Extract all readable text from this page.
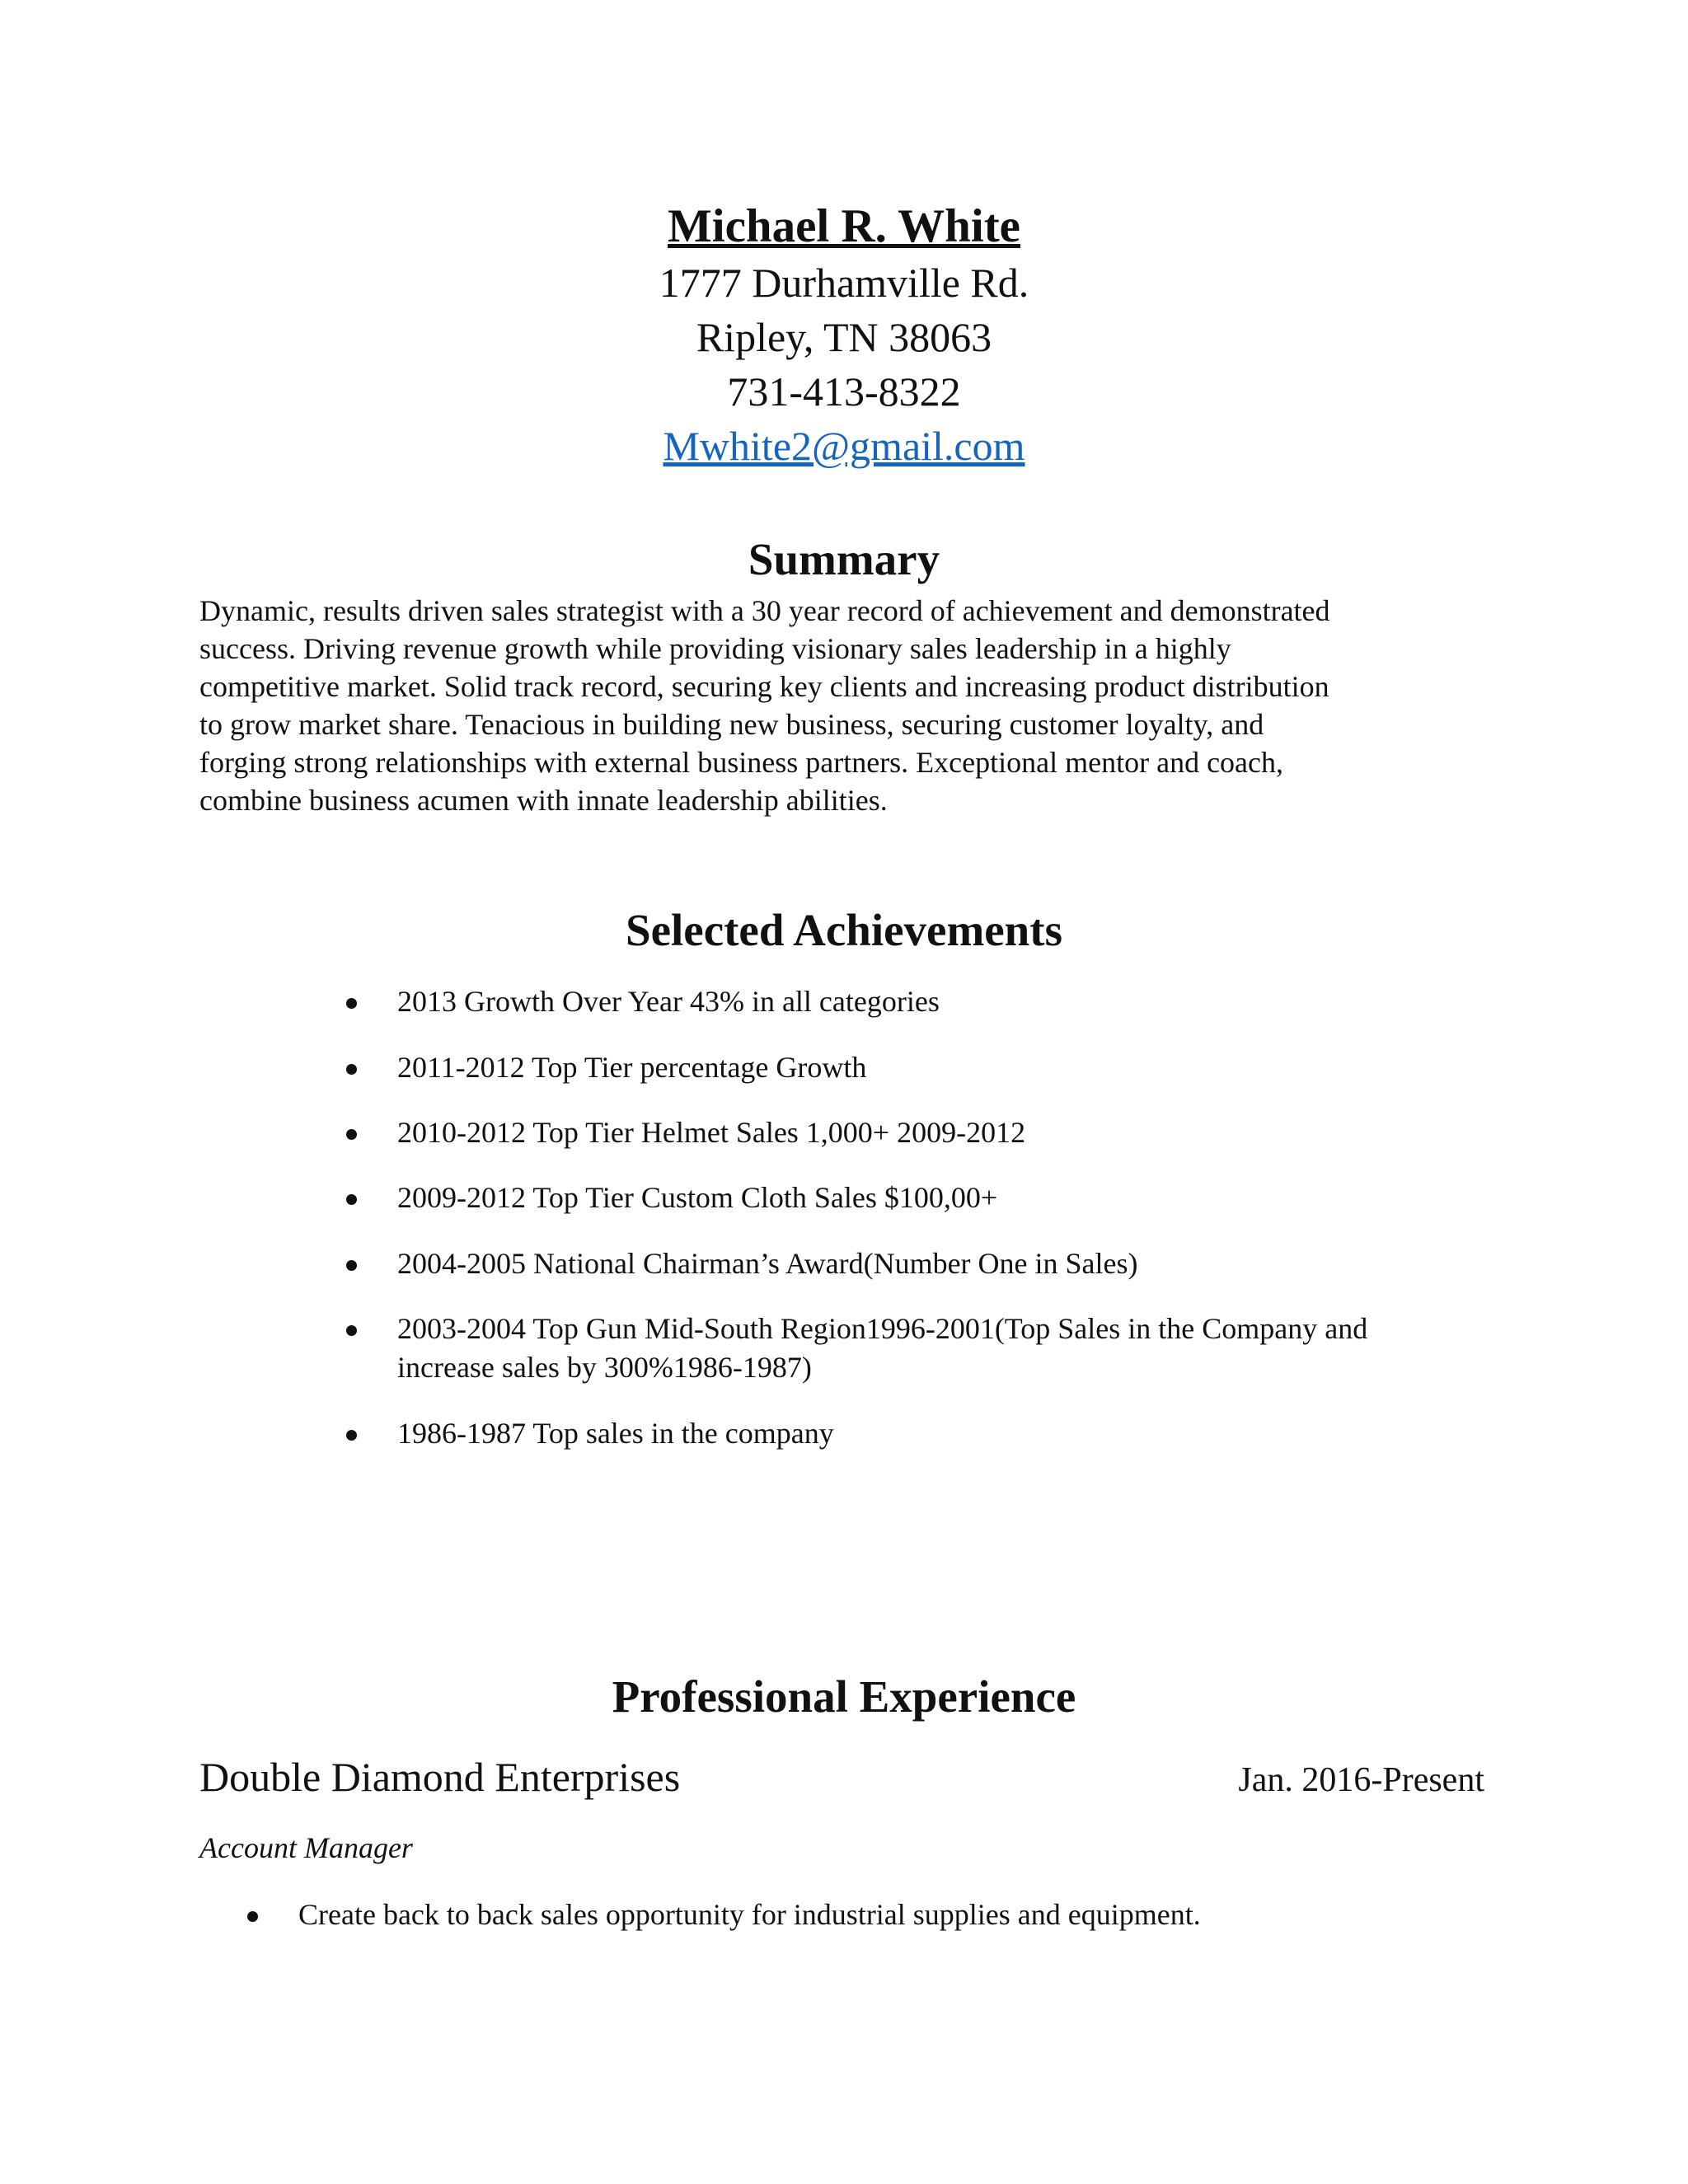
Michael R. White
1777 Durhamville Rd.
Ripley, TN 38063
731-413-8322
Mwhite2@gmail.com
Summary
Dynamic, results driven sales strategist with a 30 year record of achievement and demonstrated
success. Driving revenue growth while providing visionary sales leadership in a highly
competitive market. Solid track record, securing key clients and increasing product distribution
to grow market share. Tenacious in building new business, securing customer loyalty, and
forging strong relationships with external business partners. Exceptional mentor and coach,
combine business acumen with innate leadership abilities.
Selected Achievements
2013 Growth Over Year 43% in all categories
2011-2012 Top Tier percentage Growth
2010-2012 Top Tier Helmet Sales 1,000+ 2009-2012
2009-2012 Top Tier Custom Cloth Sales $100,00+
2004-2005 National Chairman’s Award(Number One in Sales)
2003-2004 Top Gun Mid-South Region1996-2001(Top Sales in the Company and
increase sales by 300%1986-1987)
1986-1987 Top sales in the company
Professional Experience
Double Diamond Enterprises	Jan. 2016-Present
Account Manager
Create back to back sales opportunity for industrial supplies and equipment.
